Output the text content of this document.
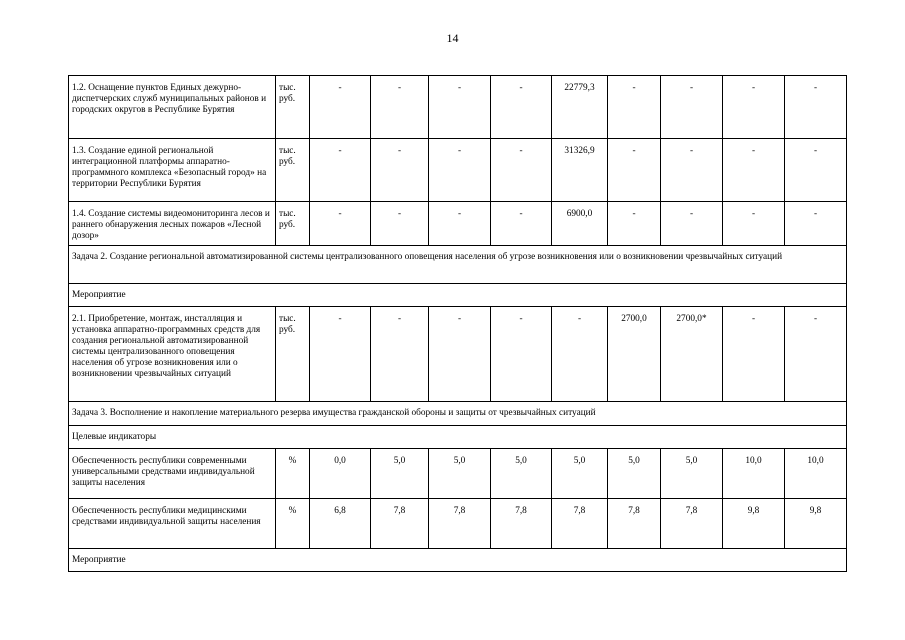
14
1.2. Оснащение пунктов Единых дежурно-диспетчерских служб муниципальных районов и городских округов в Республике Бурятия	тыс. руб.	-	-	-	-	22779,3	-	-	-	-
1.3. Создание единой региональной интеграционной платформы аппаратно-программного комплекса «Безопасный город» на территории Республики Бурятия	тыс. руб.	-	-	-	-	31326,9	-	-	-	-
1.4. Создание системы видеомониторинга лесов и раннего обнаружения лесных пожаров «Лесной дозор»	тыс. руб.	-	-	-	-	6900,0	-	-	-	-
Задача 2. Создание региональной автоматизированной системы централизованного оповещения населения об угрозе возникновения или о возникновении чрезвычайных ситуаций										
Мероприятие										
2.1. Приобретение, монтаж, инсталляция и установка аппаратно-программных средств для создания региональной автоматизированной системы централизованного оповещения населения об угрозе возникновения или о возникновении чрезвычайных ситуаций	тыс. руб.	-	-	-	-	-	2700,0	2700,0*	-	-
Задача 3. Восполнение и накопление материального резерва имущества гражданской обороны и защиты от чрезвычайных ситуаций										
Целевые индикаторы										
Обеспеченность республики современными универсальными средствами индивидуальной защиты населения	%	0,0	5,0	5,0	5,0	5,0	5,0	5,0	10,0	10,0
Обеспеченность республики медицинскими средствами индивидуальной защиты населения	%	6,8	7,8	7,8	7,8	7,8	7,8	7,8	9,8	9,8
Мероприятие										
